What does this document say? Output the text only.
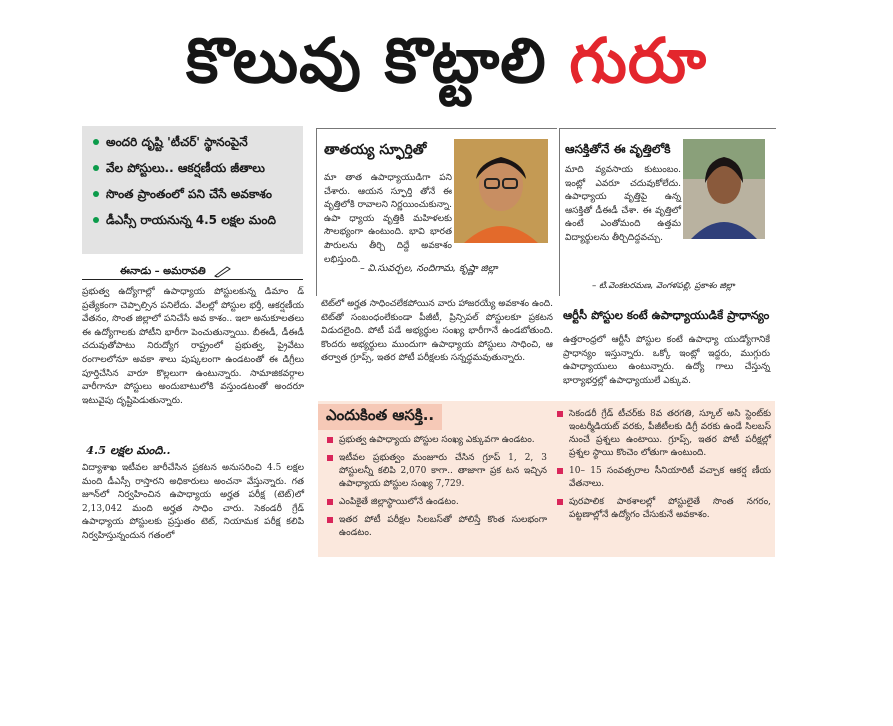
కొలువు కొట్టాలి గురూ
అందరి దృష్టి 'టీచర్' స్థానంపైనే
వేల పోస్టులు.. ఆకర్షణీయ జీతాలు
సొంత ప్రాంతంలో పని చేసే అవకాశం
డీఎస్సీ రాయనున్న 4.5 లక్షల మంది
ఈనాడు – అమరావతి
ప్రభుత్వ ఉద్యోగాల్లో ఉపాధ్యాయ పోస్టులకున్న డిమాం డ్ ప్రత్యేకంగా చెప్పాల్సిన పనిలేదు. వేలల్లో పోస్టుల భర్తీ, ఆకర్షణీయ వేతనం, సొంత జిల్లాలో పనిచేసే అవ కాశం.. ఇలా అనుకూలతలు ఈ ఉద్యోగాలకు పోటీని భారీగా పెంచుతున్నాయి. బీఈడీ, డీఈడీ చదువుతోపాటు నిరుద్యోగ రాష్ట్రంలో ప్రభుత్వ, ప్రైవేటు రంగాలలోనూ అవకా శాలు పుష్కలంగా ఉండటంతో ఈ డిగ్రీలు పూర్తిచేసిన వారూ కొల్లలుగా ఉంటున్నారు. సామాజికవర్గాల వారీగానూ పోస్టులు అందుబాటులోకి వస్తుండటంతో అందరూ ఇటువైపు దృష్టిపెడుతున్నారు.
4.5 లక్షల మంది..
విద్యాశాఖ ఇటీవల జారీచేసిన ప్రకటన అనుసరించి 4.5 లక్షల మంది డీఎస్సీ రాస్తారని అధికారులు అంచనా వేస్తున్నారు. గత జూన్‌లో నిర్వహించిన ఉపాధ్యాయ అర్హత పరీక్ష (టెట్)లో 2,13,042 మంది అర్హత సాధిం చారు. సెకండరీ గ్రేడ్ ఉపాధ్యాయ పోస్టులకు ప్రస్తుతం టెట్, నియామక పరీక్ష కలిపి నిర్వహిస్తున్నందున గతంలో
తాతయ్య స్ఫూర్తితో
మా తాత ఉపాధ్యాయుడిగా పని చేశారు. ఆయన స్ఫూర్తి తోనే ఈ వృత్తిలోకి రావాలని నిర్ణయించుకున్నా. ఉపా ధ్యాయ వృత్తికి మహిళలకు సౌలభ్యంగా ఉంటుంది. భావి భారత పౌరులను తీర్చి దిద్దే అవకాశం లభిస్తుంది.
– వి.సువర్చల, నందిగామ, కృష్ణా జిల్లా
టెట్‌లో అర్హత సాధించలేకపోయిన వారు హాజరయ్యే అవకాశం ఉంది. టెట్‌తో సంబంధంలేకుండా పీజీటీ, ప్రిన్సిపల్ పోస్టులకూ ప్రకటన విడుదలైంది. పోటీ పడే అభ్యర్థుల సంఖ్య భారీగానే ఉండబోతుంది. కొందరు అభ్యర్థులు ముందుగా ఉపాధ్యాయ పోస్టులు సాధించి, ఆ తర్వాత గ్రూప్స్, ఇతర పోటీ పరీక్షలకు సన్నద్ధమవుతున్నారు.
ఆసక్తితోనే ఈ వృత్తిలోకి
మాది వ్యవసాయ కుటుంబం. ఇంట్లో ఎవరూ చదువుకోలేదు. ఉపాధ్యాయ వృత్తిపై ఉన్న ఆసక్తితో డీఈడీ చేశా. ఈ వృత్తిలో ఉంటే ఎంతోమంది ఉత్తమ విద్యార్థులను తీర్చిదిద్దవచ్చు.
– టి.వెంకటరమణ, వెంగళపల్లి, ప్రకాశం జిల్లా
ఆర్టీసీ పోస్టుల కంటే ఉపాధ్యాయుడికే ప్రాధాన్యం
ఉత్తరాంధ్రలో ఆర్టీసీ పోస్టుల కంటే ఉపాధ్యా యుడ్యోగానికే ప్రాధాన్యం ఇస్తున్నారు. ఒక్కో ఇంట్లో ఇద్దరు, ముగ్గురు ఉపాధ్యాయులు ఉంటున్నారు. ఉద్యో గాలు చేస్తున్న భార్యాభర్తల్లో ఉపాధ్యాయులే ఎక్కువ.
ఎందుకింత ఆసక్తి..
ప్రభుత్వ ఉపాధ్యాయ పోస్టుల సంఖ్య ఎక్కువగా ఉండటం.
ఇటీవల ప్రభుత్వం మంజూరు చేసిన గ్రూప్ 1, 2, 3 పోస్టులన్నీ కలిపి 2,070 కాగా.. తాజాగా ప్రక టన ఇచ్చిన ఉపాధ్యాయ పోస్టుల సంఖ్య 7,729.
ఎంపికైతే జిల్లాస్థాయిలోనే ఉండటం.
ఇతర పోటీ పరీక్షల సిలబస్‌తో పోలిస్తే కొంత సులభంగా ఉండటం.
సెకండరీ గ్రేడ్ టీచర్‌కు 8వ తరగతి, స్కూల్ అసి స్టెంట్‌కు ఇంటర్మీడియట్ వరకు, పీజీటీలకు డిగ్రీ వరకు ఉండే సిలబస్ నుంచే ప్రశ్నలు ఉంటాయి. గ్రూప్స్, ఇతర పోటీ పరీక్షల్లో ప్రశ్నల స్థాయి కొంచెం లోతుగా ఉంటుంది.
10– 15 సంవత్సరాల సీనియారిటీ వచ్చాక ఆకర్ష ణీయ వేతనాలు.
పురపాలిక పాఠశాలల్లో పోస్టులైతే సొంత నగరం, పట్టణాల్లోనే ఉద్యోగం చేసుకునే అవకాశం.
